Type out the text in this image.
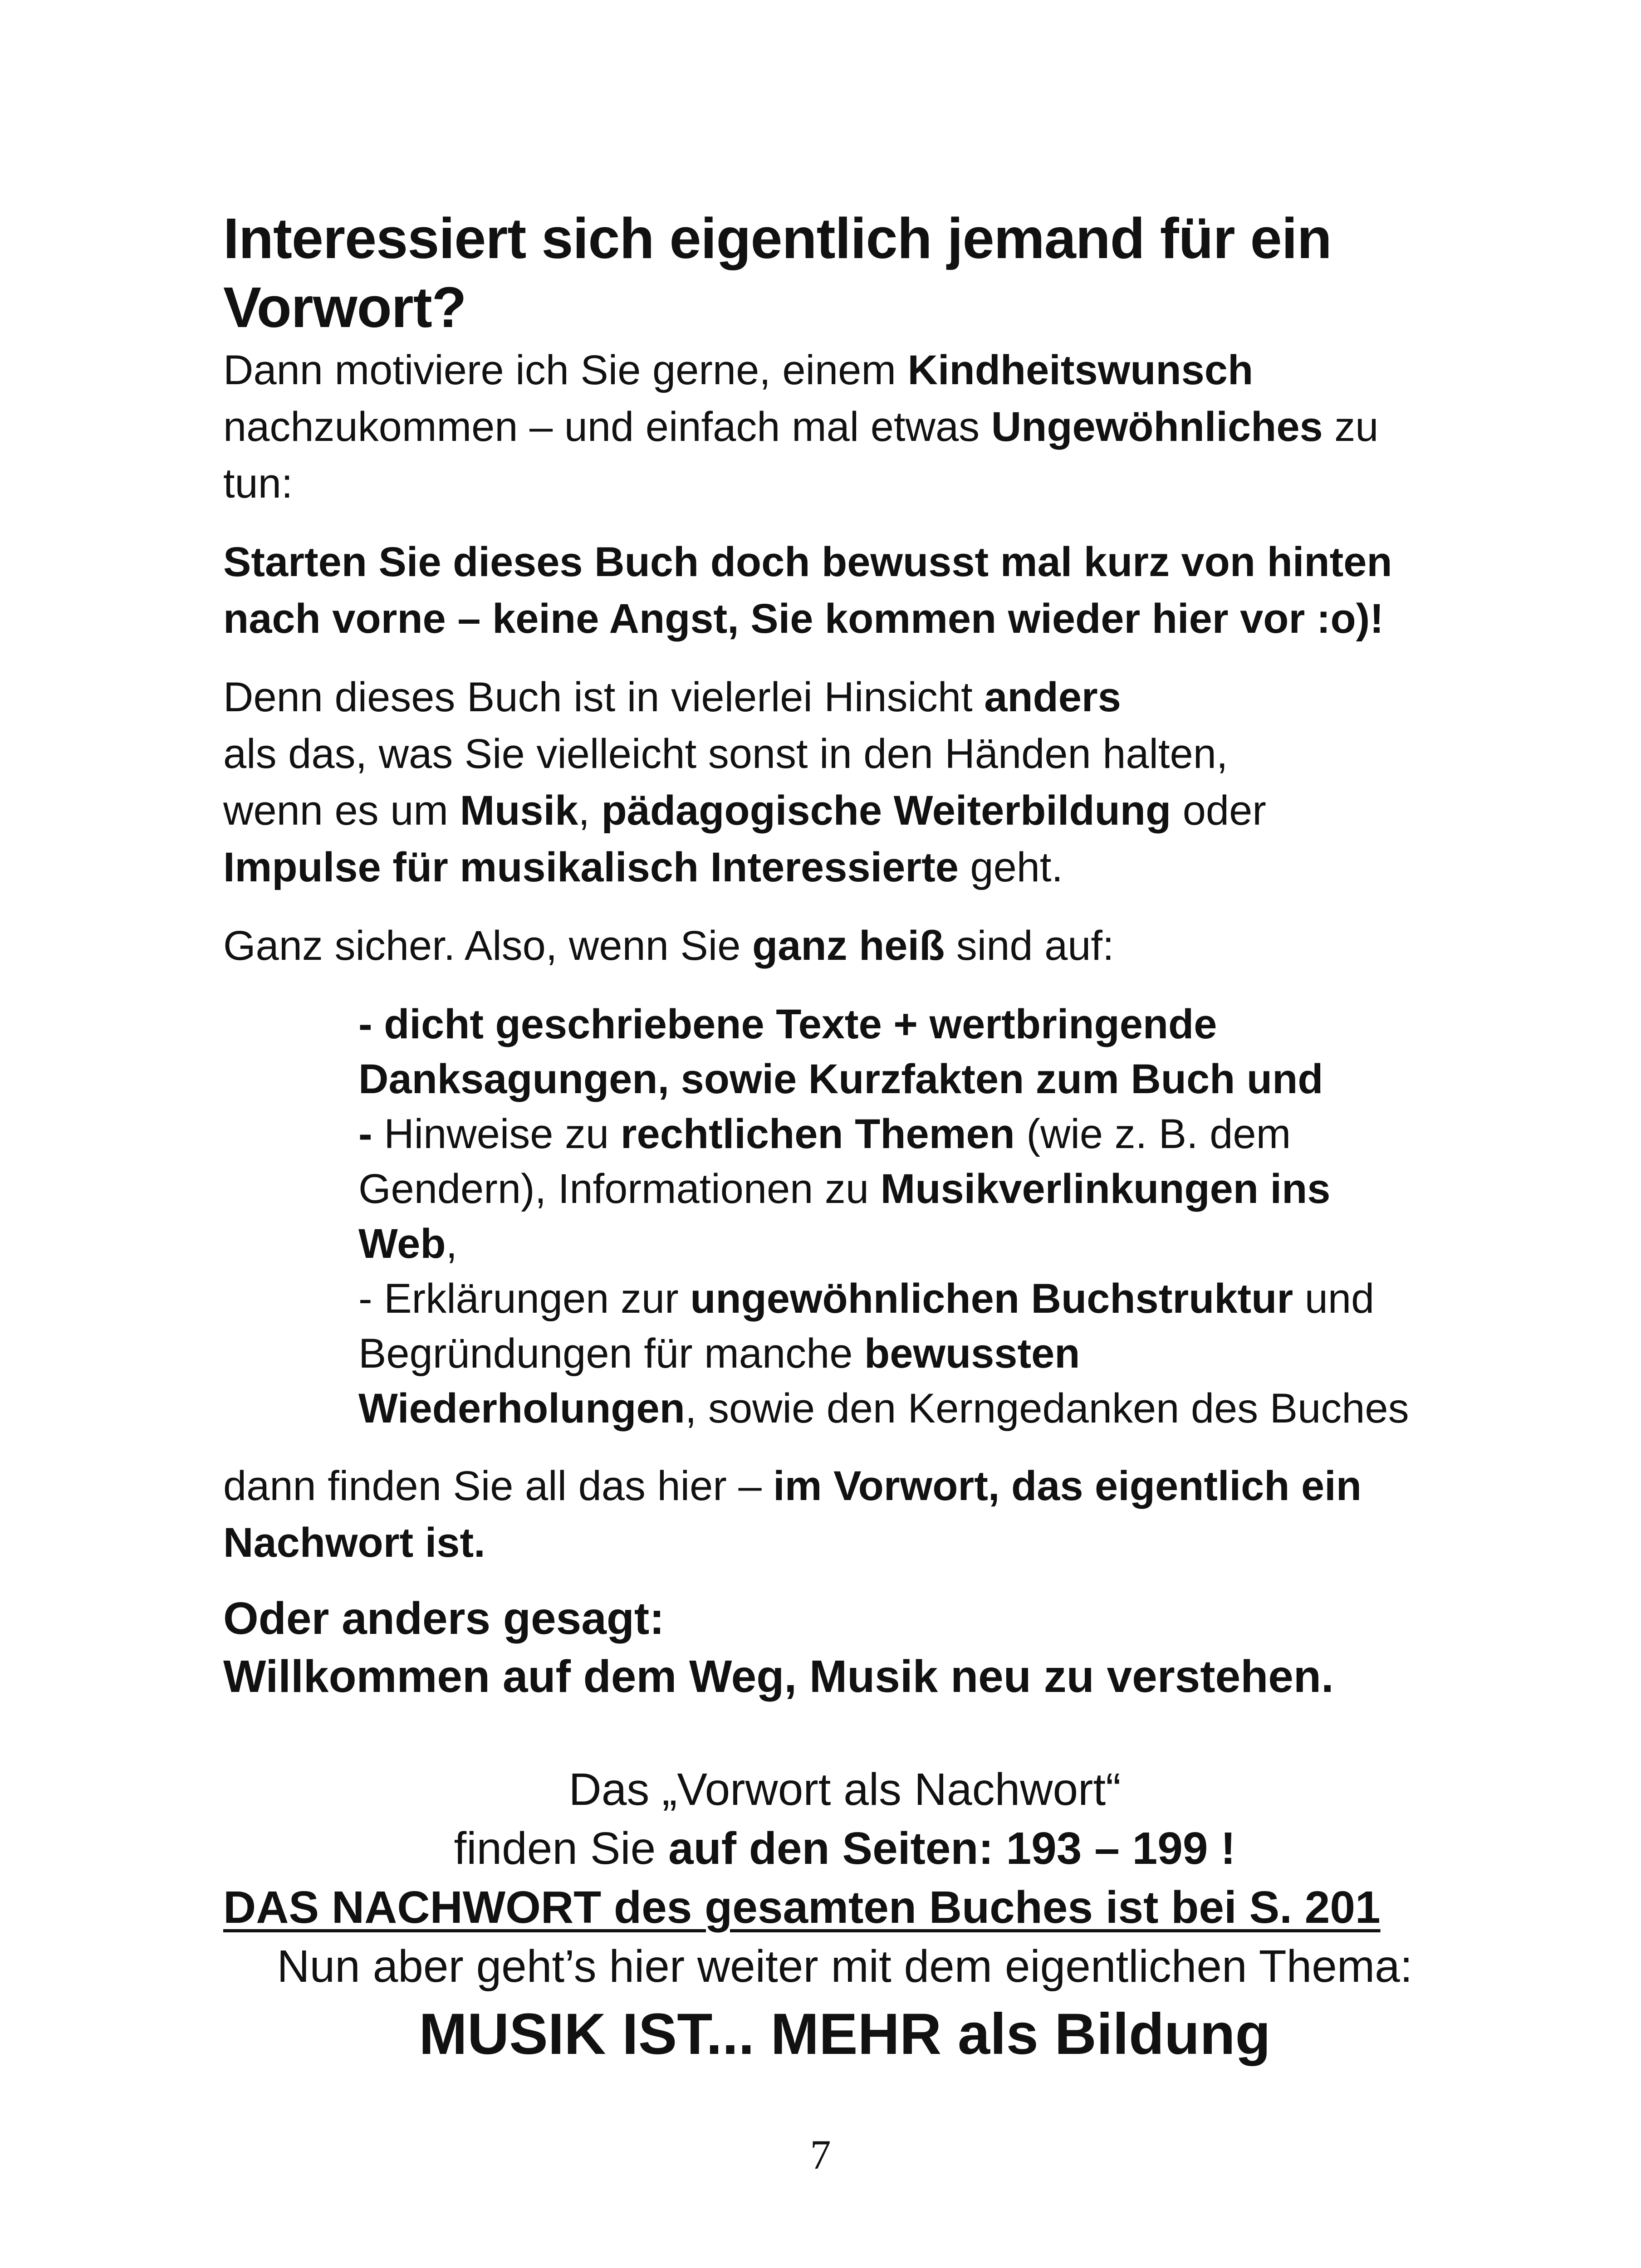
Interessiert sich eigentlich jemand für ein
Vorwort?

Dann motiviere ich Sie gerne, einem Kindheitswunsch
nachzukommen – und einfach mal etwas Ungewöhnliches zu
tun:

Starten Sie dieses Buch doch bewusst mal kurz von hinten
nach vorne – keine Angst, Sie kommen wieder hier vor :o)!

Denn dieses Buch ist in vielerlei Hinsicht anders
als das, was Sie vielleicht sonst in den Händen halten,
wenn es um Musik, pädagogische Weiterbildung oder
Impulse für musikalisch Interessierte geht.

Ganz sicher. Also, wenn Sie ganz heiß sind auf:

- dicht geschriebene Texte + wertbringende
Danksagungen, sowie Kurzfakten zum Buch und
- Hinweise zu rechtlichen Themen (wie z. B. dem
Gendern), Informationen zu Musikverlinkungen ins
Web,
- Erklärungen zur ungewöhnlichen Buchstruktur und
Begründungen für manche bewussten
Wiederholungen, sowie den Kerngedanken des Buches

dann finden Sie all das hier – im Vorwort, das eigentlich ein
Nachwort ist.

Oder anders gesagt:
Willkommen auf dem Weg, Musik neu zu verstehen.

Das „Vorwort als Nachwort“
finden Sie auf den Seiten: 193 – 199 !
DAS NACHWORT des gesamten Buches ist bei S. 201
Nun aber geht’s hier weiter mit dem eigentlichen Thema:
MUSIK IST... MEHR als Bildung
7
